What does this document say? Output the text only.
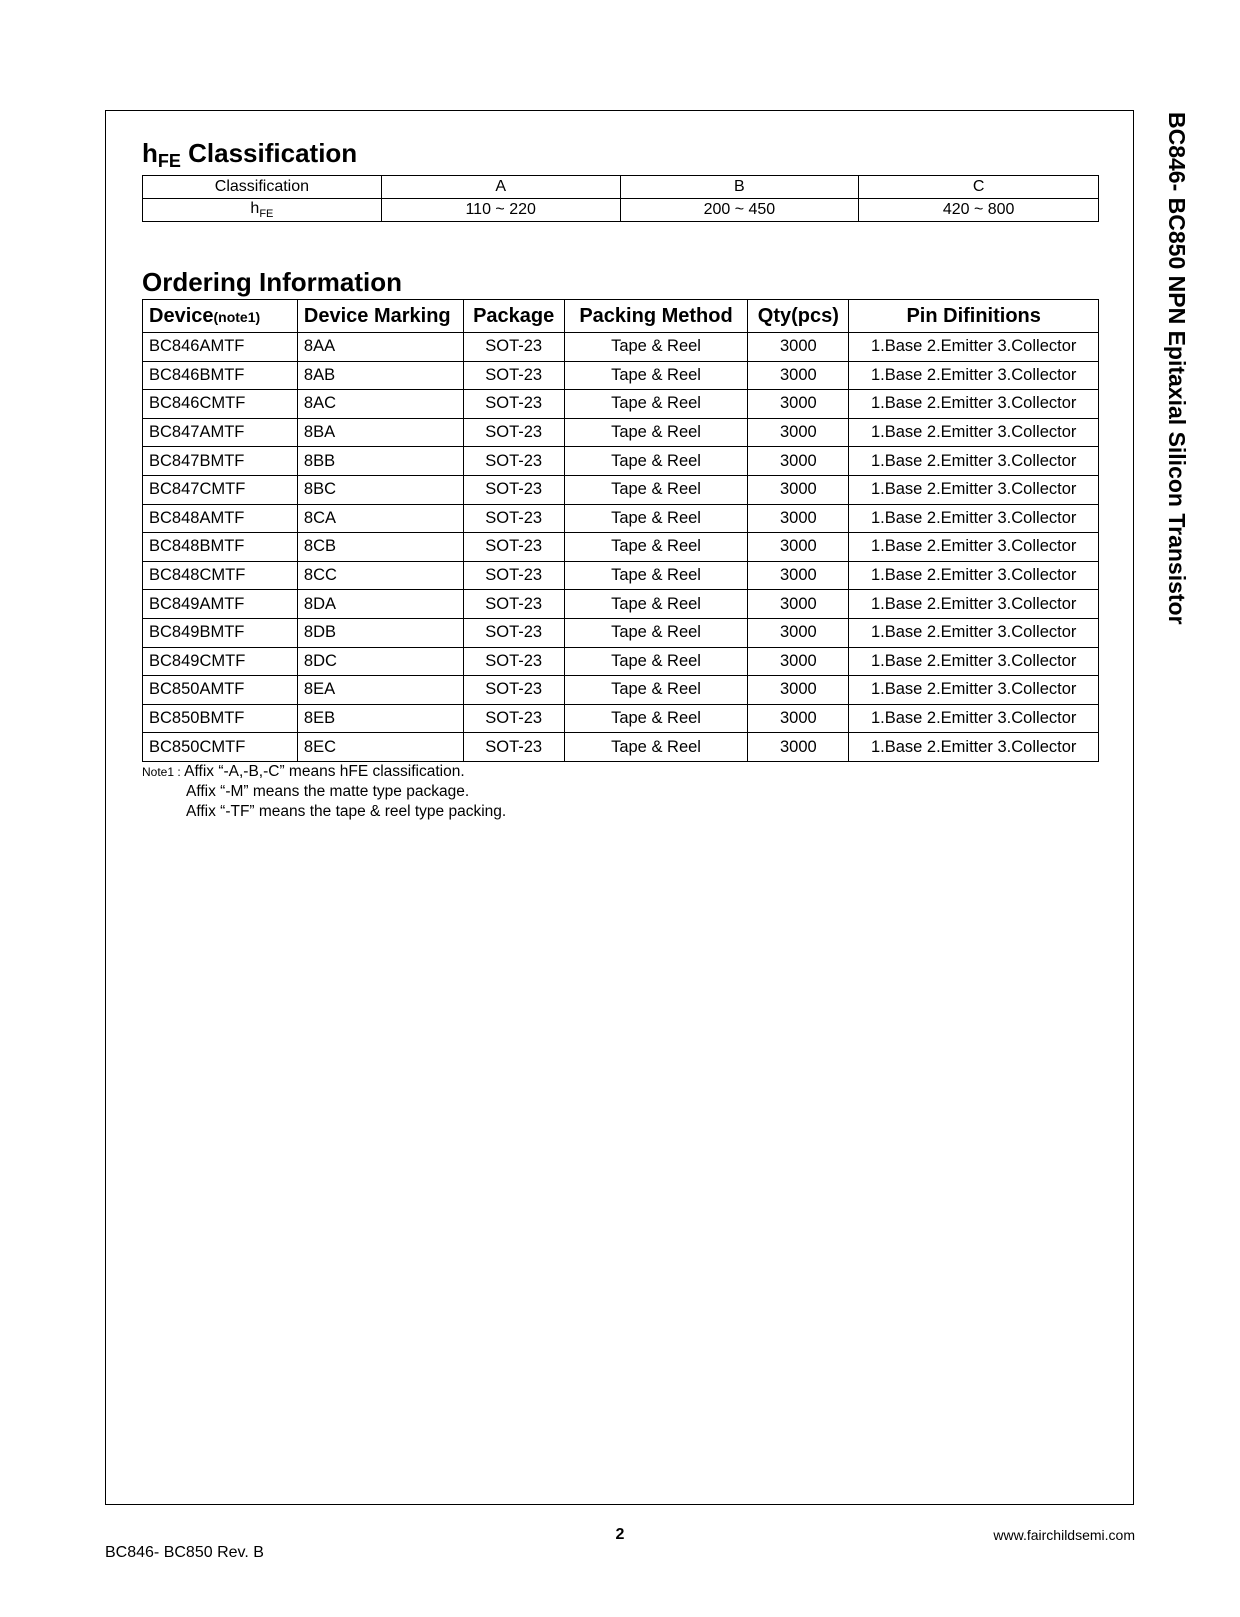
BC846- BC850 NPN Epitaxial Silicon Transistor
$h_{FE}$ Classification
Classification	A	B	C
$h_{FE}$	110 ~ 220	200 ~ 450	420 ~ 800
Ordering Information
Device(note1)	Device Marking	Package	Packing Method	Qty(pcs)	Pin Difinitions
BC846AMTF	8AA	SOT-23	Tape & Reel	3000	1.Base 2.Emitter 3.Collector
BC846BMTF	8AB	SOT-23	Tape & Reel	3000	1.Base 2.Emitter 3.Collector
BC846CMTF	8AC	SOT-23	Tape & Reel	3000	1.Base 2.Emitter 3.Collector
BC847AMTF	8BA	SOT-23	Tape & Reel	3000	1.Base 2.Emitter 3.Collector
BC847BMTF	8BB	SOT-23	Tape & Reel	3000	1.Base 2.Emitter 3.Collector
BC847CMTF	8BC	SOT-23	Tape & Reel	3000	1.Base 2.Emitter 3.Collector
BC848AMTF	8CA	SOT-23	Tape & Reel	3000	1.Base 2.Emitter 3.Collector
BC848BMTF	8CB	SOT-23	Tape & Reel	3000	1.Base 2.Emitter 3.Collector
BC848CMTF	8CC	SOT-23	Tape & Reel	3000	1.Base 2.Emitter 3.Collector
BC849AMTF	8DA	SOT-23	Tape & Reel	3000	1.Base 2.Emitter 3.Collector
BC849BMTF	8DB	SOT-23	Tape & Reel	3000	1.Base 2.Emitter 3.Collector
BC849CMTF	8DC	SOT-23	Tape & Reel	3000	1.Base 2.Emitter 3.Collector
BC850AMTF	8EA	SOT-23	Tape & Reel	3000	1.Base 2.Emitter 3.Collector
BC850BMTF	8EB	SOT-23	Tape & Reel	3000	1.Base 2.Emitter 3.Collector
BC850CMTF	8EC	SOT-23	Tape & Reel	3000	1.Base 2.Emitter 3.Collector
Note1 : Affix “-A,-B,-C” means hFE classification.
Affix “-M” means the matte type package.
Affix “-TF” means the tape & reel type packing.
2	www.fairchildsemi.com
BC846- BC850 Rev. B
